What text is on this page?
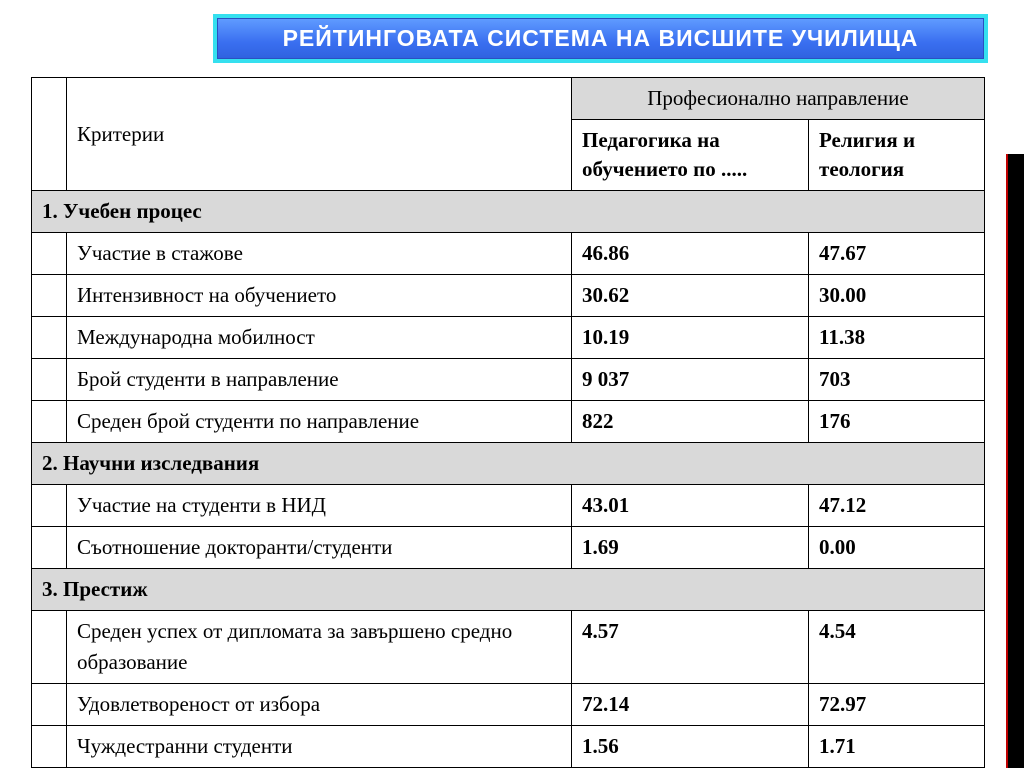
РЕЙТИНГОВАТА СИСТЕМА НА ВИСШИТЕ УЧИЛИЩА
	Критерии	Професионално направление	
		Педагогика на обучението по .....	Религия и теология
1. Учебен процес			
	Участие в стажове	46.86	47.67
	Интензивност на обучението	30.62	30.00
	Международна мобилност	10.19	11.38
	Брой студенти в направление	9 037	703
	Среден брой студенти по направление	822	176
2. Научни изследвания			
	Участие на студенти в НИД	43.01	47.12
	Съотношение докторанти/студенти	1.69	0.00
3. Престиж			
	Среден успех от дипломата за завършено средно образование	4.57	4.54
	Удовлетвореност от избора	72.14	72.97
	Чуждестранни студенти	1.56	1.71
